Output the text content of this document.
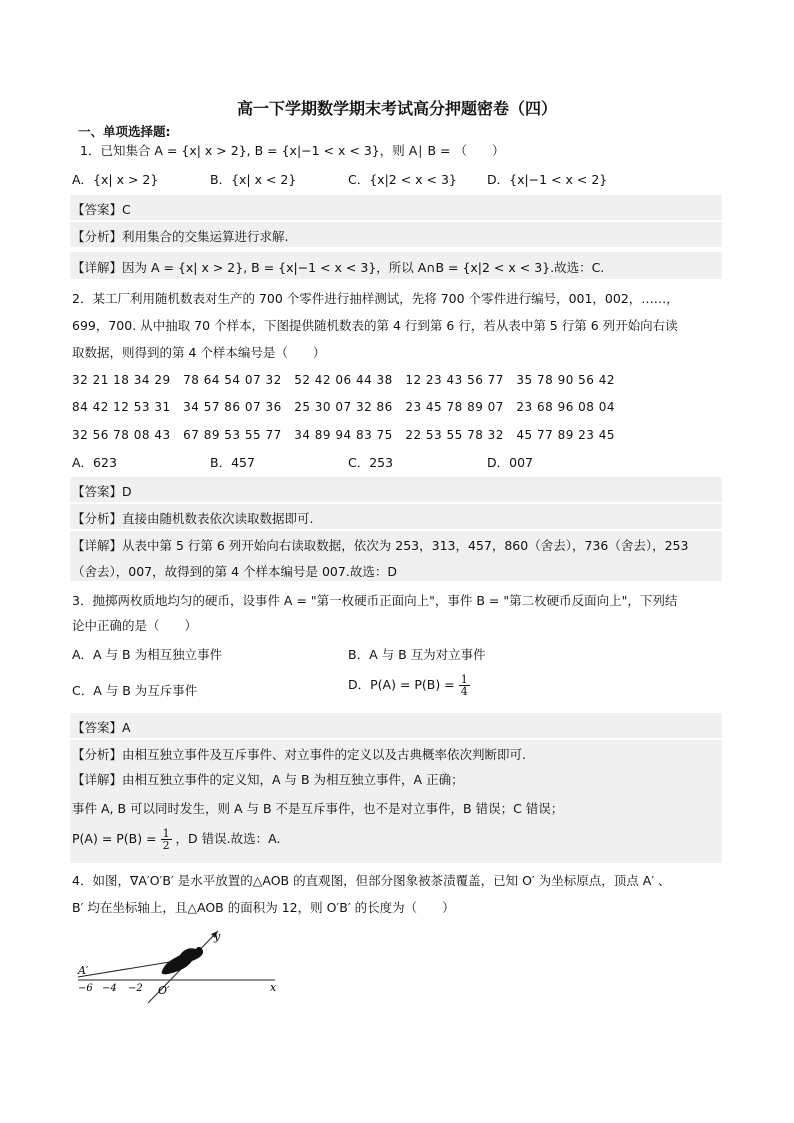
高一下学期数学期末考试高分押题密卷（四）
一、单项选择题:
1．已知集合 A = {x| x > 2}, B = {x|−1 < x < 3}，则 A∣ B = （　　）
A．{x| x > 2}	B．{x| x < 2}	C．{x|2 < x < 3} D．{x|−1 < x < 2}
【答案】C
【分析】利用集合的交集运算进行求解.
【详解】因为 A = {x| x > 2}, B = {x|−1 < x < 3}，所以 A∩B = {x|2 < x < 3}.故选：C.
2．某工厂利用随机数表对生产的 700 个零件进行抽样测试，先将 700 个零件进行编号，001，002，……，
699，700. 从中抽取 70 个样本，下图提供随机数表的第 4 行到第 6 行，若从表中第 5 行第 6 列开始向右读
取数据，则得到的第 4 个样本编号是（　　）
32 21 18 34 29　78 64 54 07 32　52 42 06 44 38　12 23 43 56 77　35 78 90 56 42
84 42 12 53 31　34 57 86 07 36　25 30 07 32 86　23 45 78 89 07　23 68 96 08 04
32 56 78 08 43　67 89 53 55 77　34 89 94 83 75　22 53 55 78 32　45 77 89 23 45
A．623	B．457	C．253	D．007
【答案】D
【分析】直接由随机数表依次读取数据即可.
【详解】从表中第 5 行第 6 列开始向右读取数据，依次为 253，313，457，860（舍去），736（舍去），253
（舍去），007，故得到的第 4 个样本编号是 007.故选：D
3．抛掷两枚质地均匀的硬币，设事件 A = "第一枚硬币正面向上"，事件 B = "第二枚硬币反面向上"，下列结
论中正确的是（　　）
A．A 与 B 为相互独立事件	B．A 与 B 互为对立事件
C．A 与 B 为互斥事件	D．$P(A) = P(B) = \frac{1}{4}$
【答案】A
【分析】由相互独立事件及互斥事件、对立事件的定义以及古典概率依次判断即可.
【详解】由相互独立事件的定义知，A 与 B 为相互独立事件，A 正确；
事件 A, B 可以同时发生，则 A 与 B 不是互斥事件，也不是对立事件，B 错误；C 错误；
$P(A) = P(B) = \frac{1}{2}$ ，D 错误.故选：A.
4．如图，∇A′O′B′ 是水平放置的△AOB 的直观图，但部分图象被茶渍覆盖，已知 O′ 为坐标原点，顶点 A′ 、
B′ 均在坐标轴上，且△AOB 的面积为 12，则 O′B′ 的长度为（　　）
A′
x
y
O′
−6 −4 −2
